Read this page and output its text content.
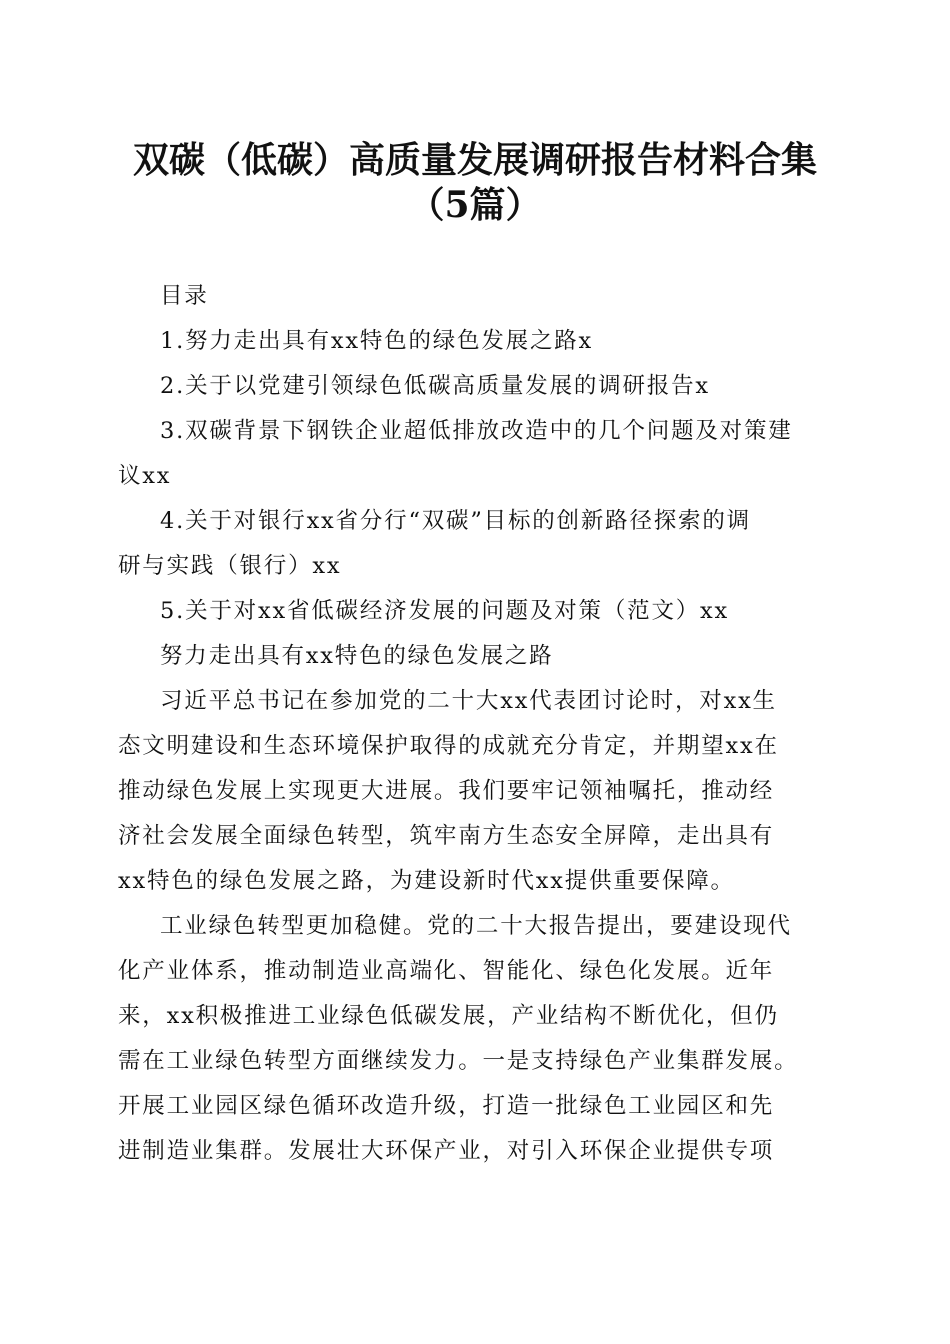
双碳（低碳）高质量发展调研报告材料合集
（5篇）
目录
1.努力走出具有xx特色的绿色发展之路x
2.关于以党建引领绿色低碳高质量发展的调研报告x
3.双碳背景下钢铁企业超低排放改造中的几个问题及对策建
议xx
4.关于对银行xx省分行“双碳”目标的创新路径探索的调
研与实践（银行）xx
5.关于对xx省低碳经济发展的问题及对策（范文）xx
努力走出具有xx特色的绿色发展之路
习近平总书记在参加党的二十大xx代表团讨论时，对xx生
态文明建设和生态环境保护取得的成就充分肯定，并期望xx在
推动绿色发展上实现更大进展。我们要牢记领袖嘱托，推动经
济社会发展全面绿色转型，筑牢南方生态安全屏障，走出具有
xx特色的绿色发展之路，为建设新时代xx提供重要保障。
工业绿色转型更加稳健。党的二十大报告提出，要建设现代
化产业体系，推动制造业高端化、智能化、绿色化发展。近年
来，xx积极推进工业绿色低碳发展，产业结构不断优化，但仍
需在工业绿色转型方面继续发力。一是支持绿色产业集群发展。
开展工业园区绿色循环改造升级，打造一批绿色工业园区和先
进制造业集群。发展壮大环保产业，对引入环保企业提供专项
